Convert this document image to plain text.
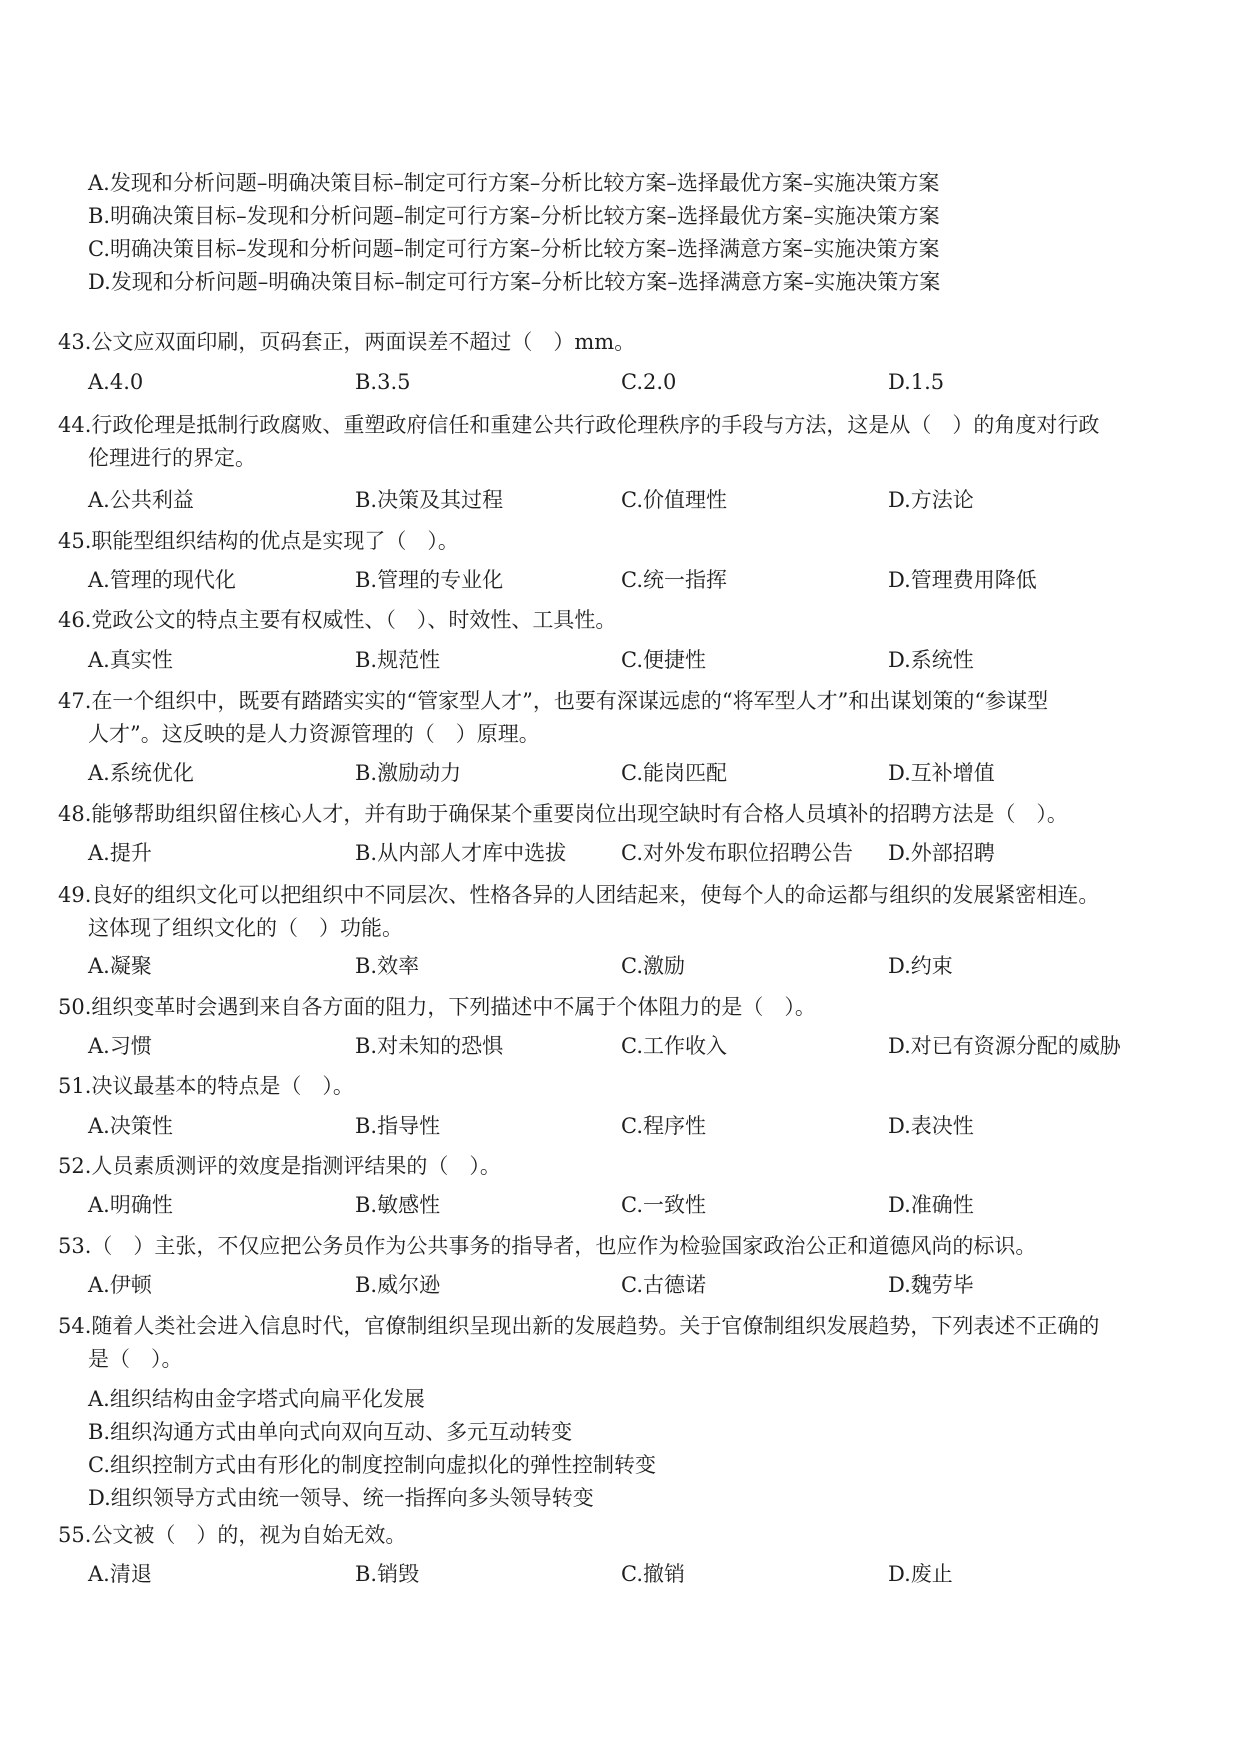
A.发现和分析问题–明确决策目标–制定可行方案–分析比较方案–选择最优方案–实施决策方案
B.明确决策目标–发现和分析问题–制定可行方案–分析比较方案–选择最优方案–实施决策方案
C.明确决策目标–发现和分析问题–制定可行方案–分析比较方案–选择满意方案–实施决策方案
D.发现和分析问题–明确决策目标–制定可行方案–分析比较方案–选择满意方案–实施决策方案
43.公文应双面印刷，页码套正，两面误差不超过（　）mm。
A.4.0	B.3.5	C.2.0	D.1.5
44.行政伦理是抵制行政腐败、重塑政府信任和重建公共行政伦理秩序的手段与方法，这是从（　）的角度对行政
伦理进行的界定。
A.公共利益	B.决策及其过程	C.价值理性	D.方法论
45.职能型组织结构的优点是实现了（　）。
A.管理的现代化	B.管理的专业化	C.统一指挥	D.管理费用降低
46.党政公文的特点主要有权威性、（　）、时效性、工具性。
A.真实性	B.规范性	C.便捷性	D.系统性
47.在一个组织中，既要有踏踏实实的“管家型人才”，也要有深谋远虑的“将军型人才”和出谋划策的“参谋型
人才”。这反映的是人力资源管理的（　）原理。
A.系统优化	B.激励动力	C.能岗匹配	D.互补增值
48.能够帮助组织留住核心人才，并有助于确保某个重要岗位出现空缺时有合格人员填补的招聘方法是（　）。
A.提升	B.从内部人才库中选拔	C.对外发布职位招聘公告 D.外部招聘
49.良好的组织文化可以把组织中不同层次、性格各异的人团结起来，使每个人的命运都与组织的发展紧密相连。
这体现了组织文化的（　）功能。
A.凝聚	B.效率	C.激励	D.约束
50.组织变革时会遇到来自各方面的阻力，下列描述中不属于个体阻力的是（　）。
A.习惯	B.对未知的恐惧	C.工作收入	D.对已有资源分配的威胁
51.决议最基本的特点是（　）。
A.决策性	B.指导性	C.程序性	D.表决性
52.人员素质测评的效度是指测评结果的（　）。
A.明确性	B.敏感性	C.一致性	D.准确性
53.（　）主张，不仅应把公务员作为公共事务的指导者，也应作为检验国家政治公正和道德风尚的标识。
A.伊顿	B.威尔逊	C.古德诺	D.魏劳毕
54.随着人类社会进入信息时代，官僚制组织呈现出新的发展趋势。关于官僚制组织发展趋势，下列表述不正确的
是（　）。
A.组织结构由金字塔式向扁平化发展
B.组织沟通方式由单向式向双向互动、多元互动转变
C.组织控制方式由有形化的制度控制向虚拟化的弹性控制转变
D.组织领导方式由统一领导、统一指挥向多头领导转变
55.公文被（　）的，视为自始无效。
A.清退	B.销毁	C.撤销	D.废止
